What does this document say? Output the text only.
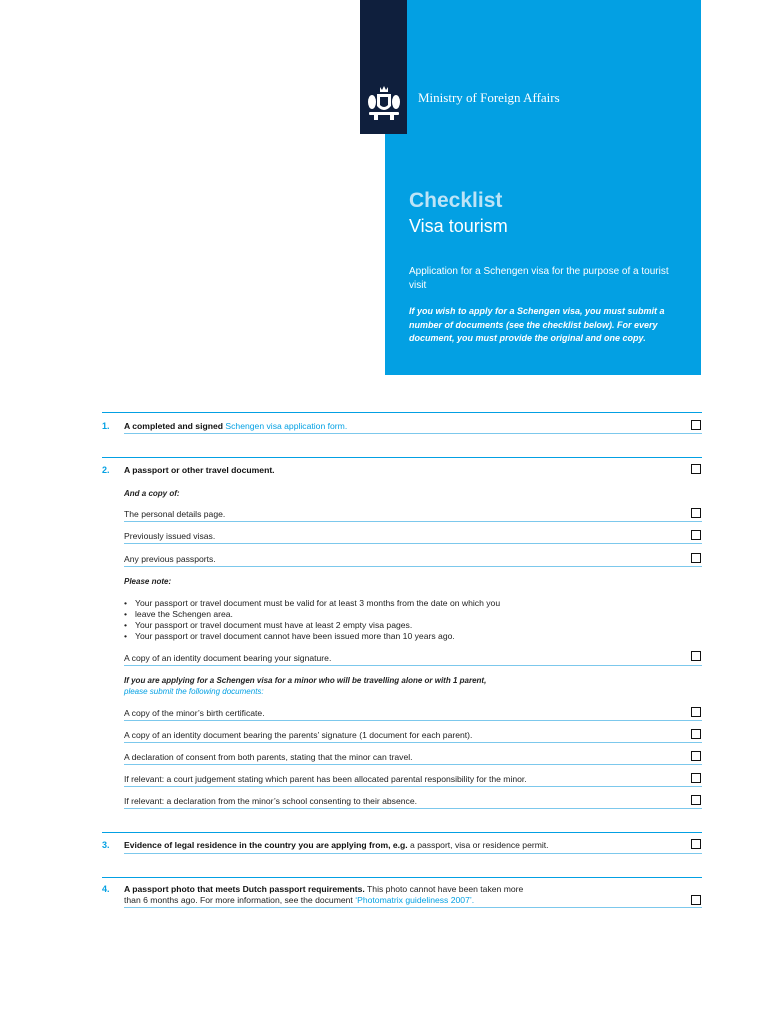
Ministry of Foreign Affairs
Checklist
Visa tourism
Application for a Schengen visa for the purpose of a tourist visit
If you wish to apply for a Schengen visa, you must submit a number of documents (see the checklist below). For every document, you must provide the original and one copy.
1. A completed and signed Schengen visa application form.
2. A passport or other travel document.
And a copy of:
The personal details page.
Previously issued visas.
Any previous passports.
Please note:
• Your passport or travel document must be valid for at least 3 months from the date on which you
• leave the Schengen area.
• Your passport or travel document must have at least 2 empty visa pages.
• Your passport or travel document cannot have been issued more than 10 years ago.
A copy of an identity document bearing your signature.
If you are applying for a Schengen visa for a minor who will be travelling alone or with 1 parent,
please submit the following documents:
A copy of the minor’s birth certificate.
A copy of an identity document bearing the parents’ signature (1 document for each parent).
A declaration of consent from both parents, stating that the minor can travel.
If relevant: a court judgement stating which parent has been allocated parental responsibility for the minor.
If relevant: a declaration from the minor’s school consenting to their absence.
3. Evidence of legal residence in the country you are applying from, e.g. a passport, visa or residence permit.
4. A passport photo that meets Dutch passport requirements. This photo cannot have been taken more
than 6 months ago. For more information, see the document ‘Photomatrix guideliness 2007’.
